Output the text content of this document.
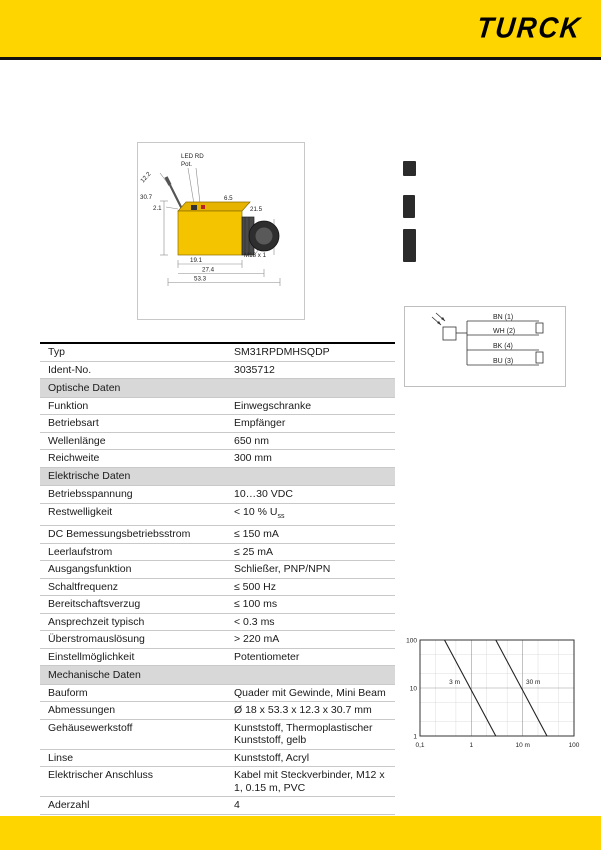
TURCK
LED RD
Pot.
12.2
30.7
2.1
6.5
21.5
M18 x 1
19.1
27.4
53.3
BN (1)
WH (2)
BK (4)
BU (3)
Typ	SM31RPDMHSQDP
Ident-No.	3035712
Optische Daten
Funktion	Einwegschranke
Betriebsart	Empfänger
Wellenlänge	650 nm
Reichweite	300 mm
Elektrische Daten
Betriebsspannung	10…30 VDC
Restwelligkeit	< 10 % $U_{ss}$
DC Bemessungsbetriebsstrom	≤ 150 mA
Leerlaufstrom	≤ 25 mA
Ausgangsfunktion	Schließer, PNP/NPN
Schaltfrequenz	≤ 500 Hz
Bereitschaftsverzug	≤ 100 ms
Ansprechzeit typisch	< 0.3 ms
Überstromauslösung	> 220 mA
Einstellmöglichkeit	Potentiometer
Mechanische Daten
Bauform	Quader mit Gewinde, Mini Beam
Abmessungen	Ø 18 x 53.3 x 12.3 x 30.7 mm
Gehäusewerkstoff	Kunststoff, Thermoplastischer Kunststoff, gelb
Linse	Kunststoff, Acryl
Elektrischer Anschluss	Kabel mit Steckverbinder, M12 x 1, 0.15 m, PVC
Aderzahl	4
3 m	30 m
100
10
1
0,1	1	10 m	100
